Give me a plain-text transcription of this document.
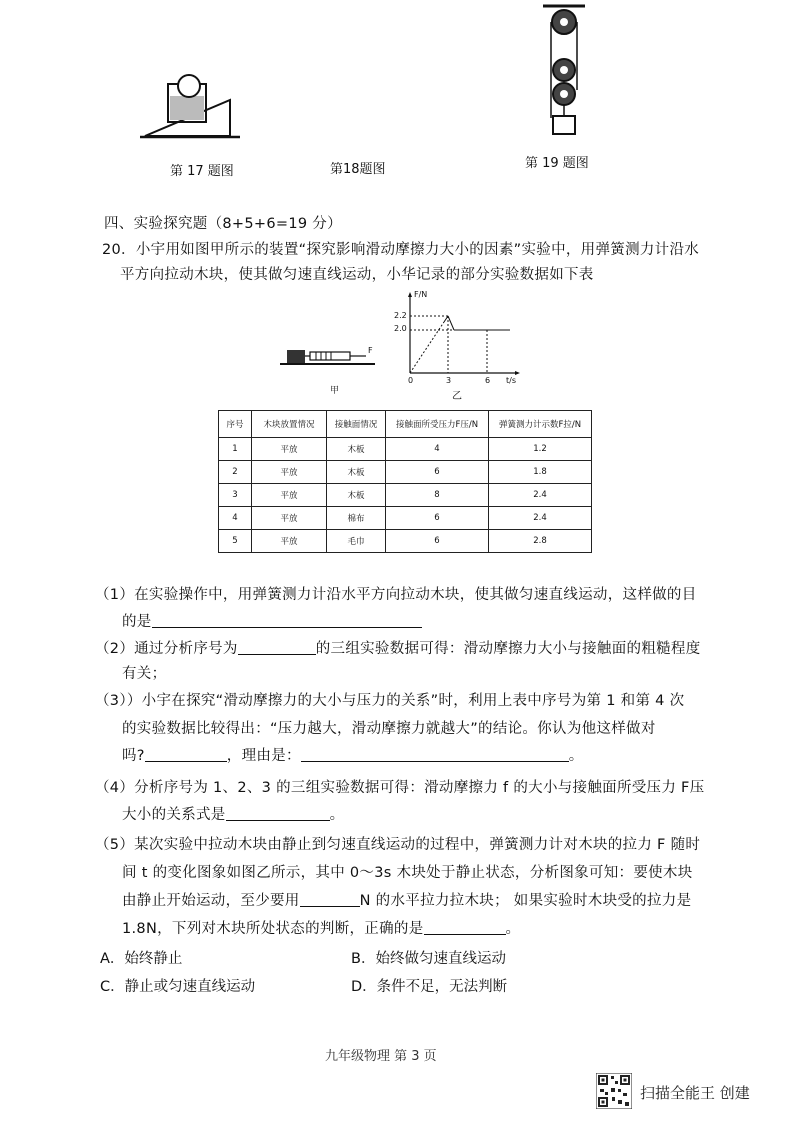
第 17 题图	第18题图	第 19 题图
四、实验探究题（8+5+6=19 分）
20．小宇用如图甲所示的装置“探究影响滑动摩擦力大小的因素”实验中，用弹簧测力计沿水
平方向拉动木块，使其做匀速直线运动，小华记录的部分实验数据如下表
F
甲
F/N
2.2
2.0
0	3	6 t/s
乙
序号	木块放置情况	接触面情况	接触面所受压力F压/N	弹簧测力计示数F拉/N
1	平放	木板	4	1.2
2	平放	木板	6	1.8
3	平放	木板	8	2.4
4	平放	棉布	6	2.4
5	平放	毛巾	6	2.8
（1）在实验操作中，用弹簧测力计沿水平方向拉动木块，使其做匀速直线运动，这样做的目
的是
（2）通过分析序号为	的三组实验数据可得：滑动摩擦力大小与接触面的粗糙程度
有关；
（3））小宇在探究“滑动摩擦力的大小与压力的关系”时，利用上表中序号为第 1 和第 4 次
的实验数据比较得出：“压力越大，滑动摩擦力就越大”的结论。你认为他这样做对
吗?	，理由是：	。
（4）分析序号为 1、2、3 的三组实验数据可得：滑动摩擦力 f 的大小与接触面所受压力 F压
大小的关系式是	。
（5）某次实验中拉动木块由静止到匀速直线运动的过程中，弹簧测力计对木块的拉力 F 随时
间 t 的变化图象如图乙所示，其中 0～3s 木块处于静止状态，分析图象可知：要使木块
由静止开始运动，至少要用	N 的水平拉力拉木块； 如果实验时木块受的拉力是
1.8N，下列对木块所处状态的判断，正确的是	。
A．始终静止	B．始终做匀速直线运动
C．静止或匀速直线运动	D．条件不足，无法判断
九年级物理 第 3 页
扫描全能王 创建
